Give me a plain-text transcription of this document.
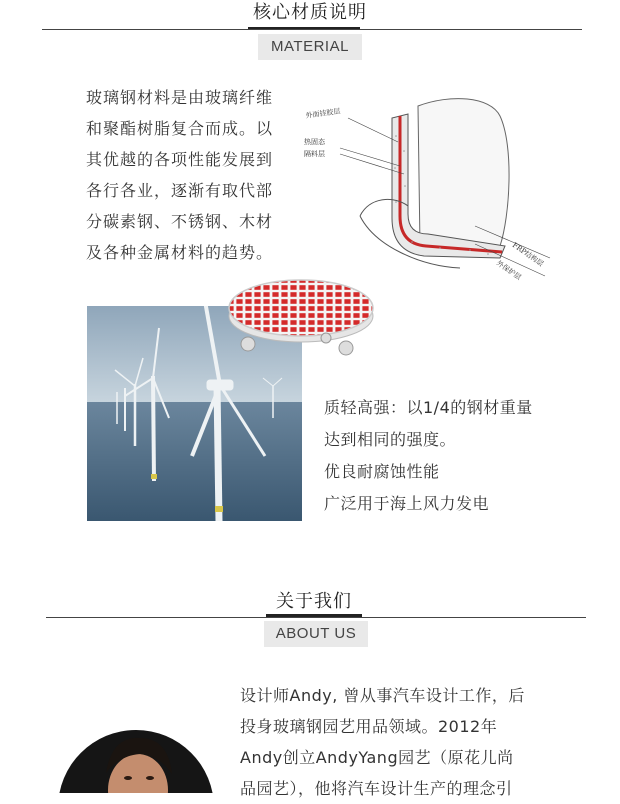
核心材质说明
MATERIAL
玻璃钢材料是由玻璃纤维
和聚酯树脂复合而成。以
其优越的各项性能发展到
各行各业，逐渐有取代部
分碳素钢、不锈钢、木材
及各种金属材料的趋势。
外面挂胶层
热固态
隔料层
FRP结构层
外保护层
质轻高强：以1/4的钢材重量
达到相同的强度。
优良耐腐蚀性能
广泛用于海上风力发电
关于我们
ABOUT US
设计师Andy, 曾从事汽车设计工作，后
投身玻璃钢园艺用品领域。2012年
Andy创立AndyYang园艺（原花儿尚
品园艺），他将汽车设计生产的理念引
